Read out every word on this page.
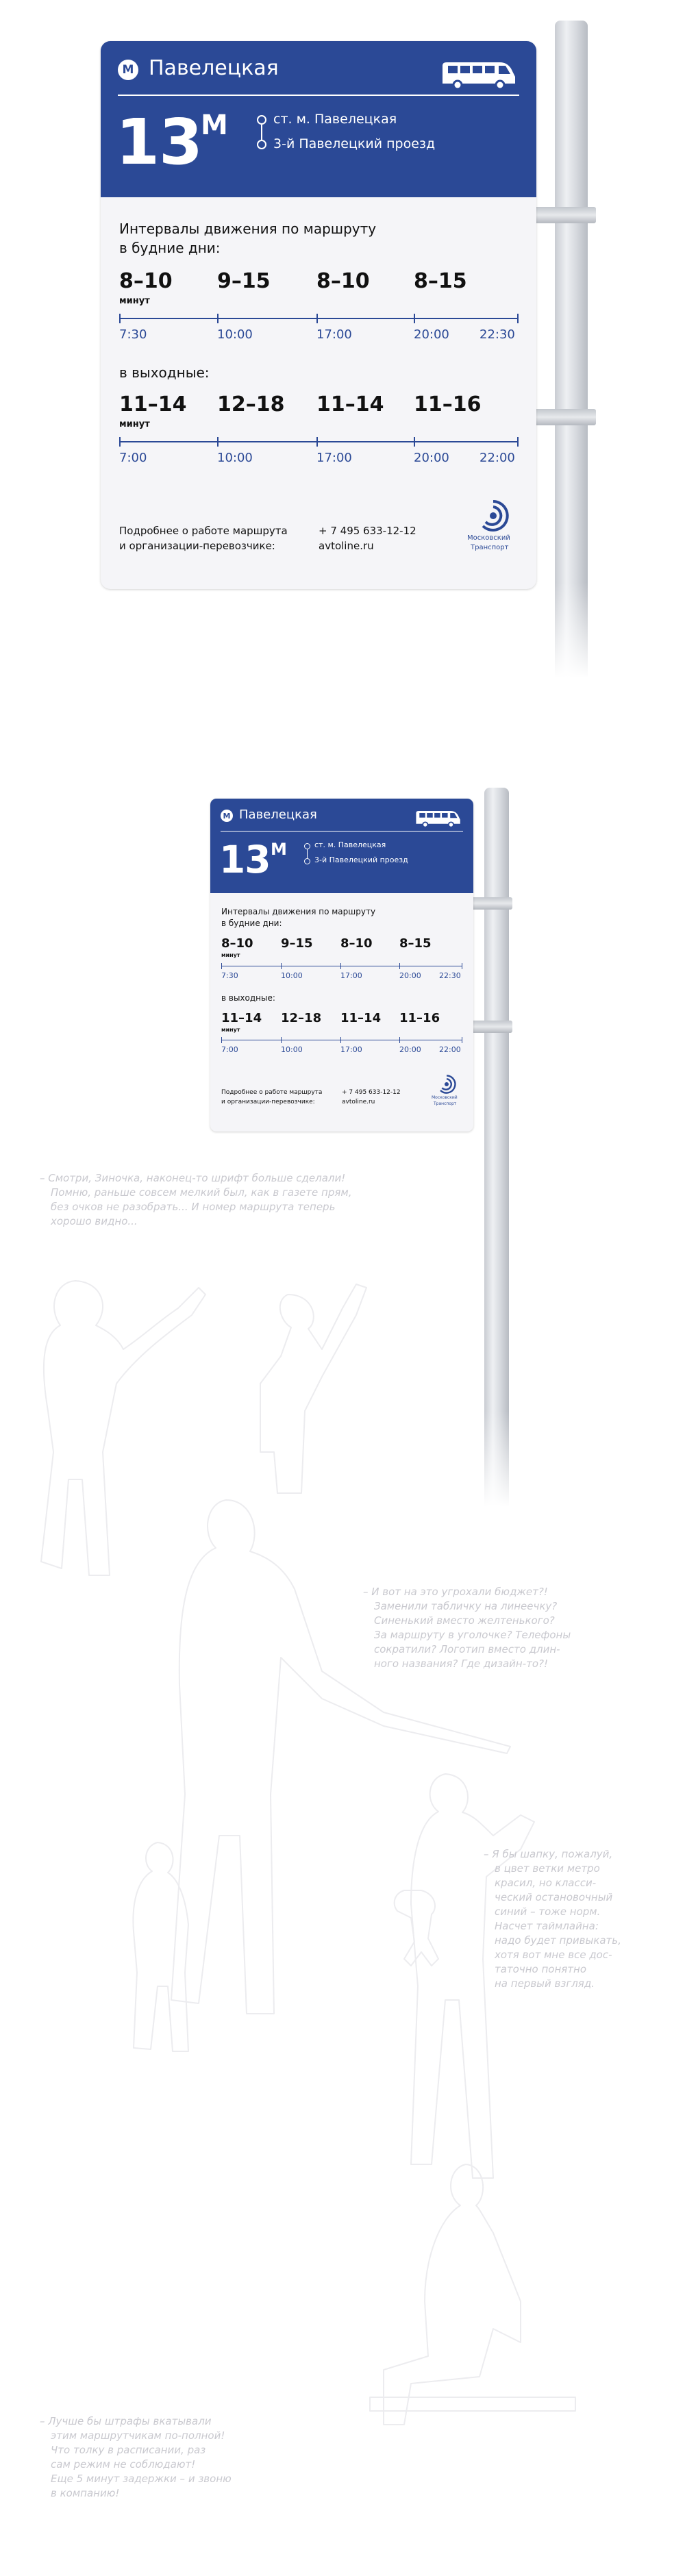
М Павелецкая
13
М	ст. м. Павелецкая
3-й Павелецкий проезд
Интервалы движения по маршруту
в будние дни:
8–10 9–15 8–10 8–15
минут
7:30	10:00	17:00	20:00 22:30
в выходные:
11–14 12–18 11–14 11–16
минут
7:00	10:00	17:00	20:00 22:00
Подробнее о работе маршрута
и организации-перевозчике:
+ 7 495 633-12-12
avtoline.ru
Московский
Транспорт
М Павелецкая
13 М	ст. м. Павелецкая
3-й Павелецкий проезд
Интервалы движения по маршруту
в будние дни:
8–10 9–15 8–10 8–15
минут
7:30	10:00	17:00	20:00 22:30
в выходные:
11–14 12–18 11–14 11–16
минут
7:00	10:00	17:00	20:00 22:00
Подробнее о работе маршрута
и организации-перевозчике:
+ 7 495 633-12-12
avtoline.ru
Московский
Транспорт
– Смотри, Зиночка, наконец-то шрифт больше сделали!
Помню, раньше совсем мелкий был, как в газете прям,
без очков не разобрать... И номер маршрута теперь
хорошо видно...
– И вот на это угрохали бюджет?!
Заменили табличку на линеечку?
Синенький вместо желтенького?
За маршруту в уголочке? Телефоны
сократили? Логотип вместо длин-
ного названия? Где дизайн-то?!
– Я бы шапку, пожалуй,
в цвет ветки метро
красил, но класси-
ческий остановочный
синий – тоже норм.
Насчет таймлайна:
надо будет привыкать,
хотя вот мне все дос-
таточно понятно
на первый взгляд.
– Лучше бы штрафы вкатывали
этим маршрутчикам по-полной!
Что толку в расписании, раз
сам режим не соблюдают!
Еще 5 минут задержки – и звоню
в компанию!
